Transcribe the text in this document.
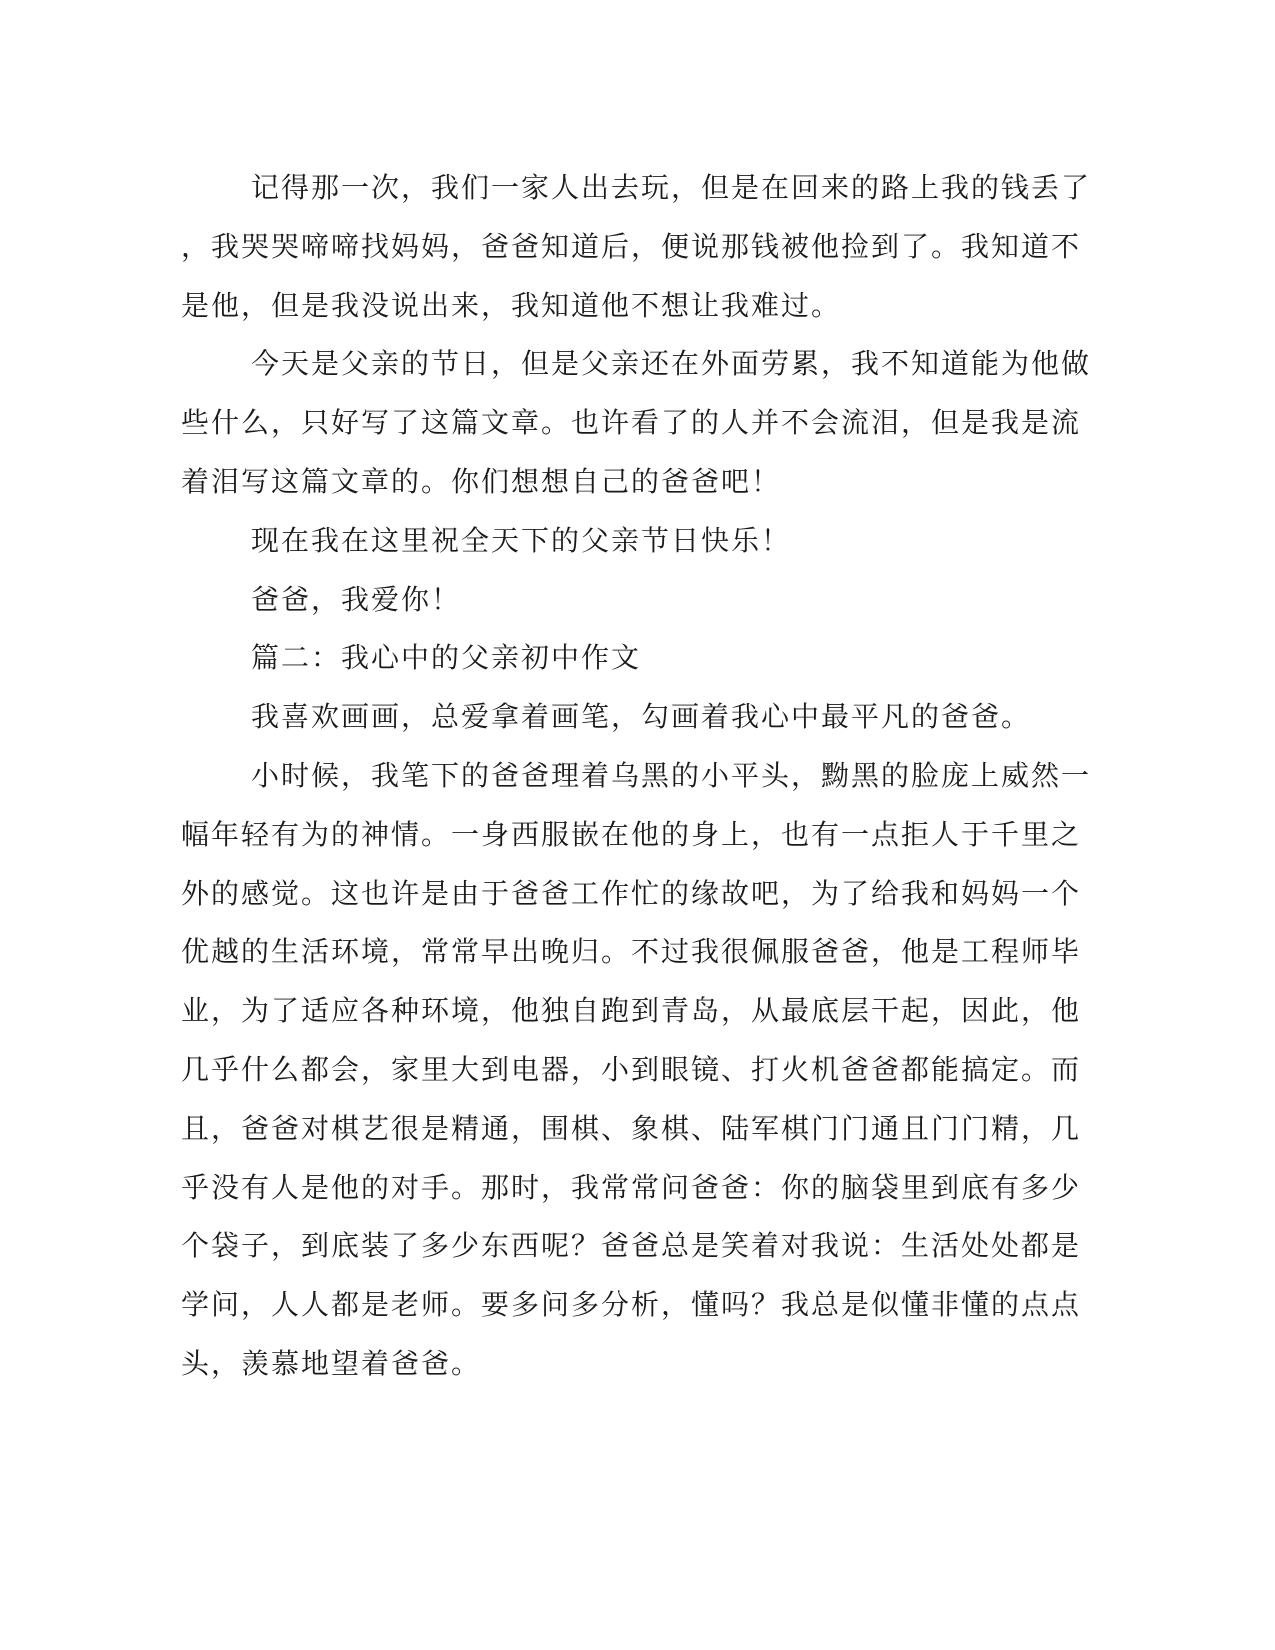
记得那一次，我们一家人出去玩，但是在回来的路上我的钱丢了
，我哭哭啼啼找妈妈，爸爸知道后，便说那钱被他捡到了。我知道不
是他，但是我没说出来，我知道他不想让我难过。
今天是父亲的节日，但是父亲还在外面劳累，我不知道能为他做
些什么，只好写了这篇文章。也许看了的人并不会流泪，但是我是流
着泪写这篇文章的。你们想想自己的爸爸吧！
现在我在这里祝全天下的父亲节日快乐！
爸爸，我爱你！
篇二：我心中的父亲初中作文
我喜欢画画，总爱拿着画笔，勾画着我心中最平凡的爸爸。
小时候，我笔下的爸爸理着乌黑的小平头，黝黑的脸庞上威然一
幅年轻有为的神情。一身西服嵌在他的身上，也有一点拒人于千里之
外的感觉。这也许是由于爸爸工作忙的缘故吧，为了给我和妈妈一个
优越的生活环境，常常早出晚归。不过我很佩服爸爸，他是工程师毕
业，为了适应各种环境，他独自跑到青岛，从最底层干起，因此，他
几乎什么都会，家里大到电器，小到眼镜、打火机爸爸都能搞定。而
且，爸爸对棋艺很是精通，围棋、象棋、陆军棋门门通且门门精，几
乎没有人是他的对手。那时，我常常问爸爸：你的脑袋里到底有多少
个袋子，到底装了多少东西呢？爸爸总是笑着对我说：生活处处都是
学问，人人都是老师。要多问多分析，懂吗？我总是似懂非懂的点点
头，羡慕地望着爸爸。
